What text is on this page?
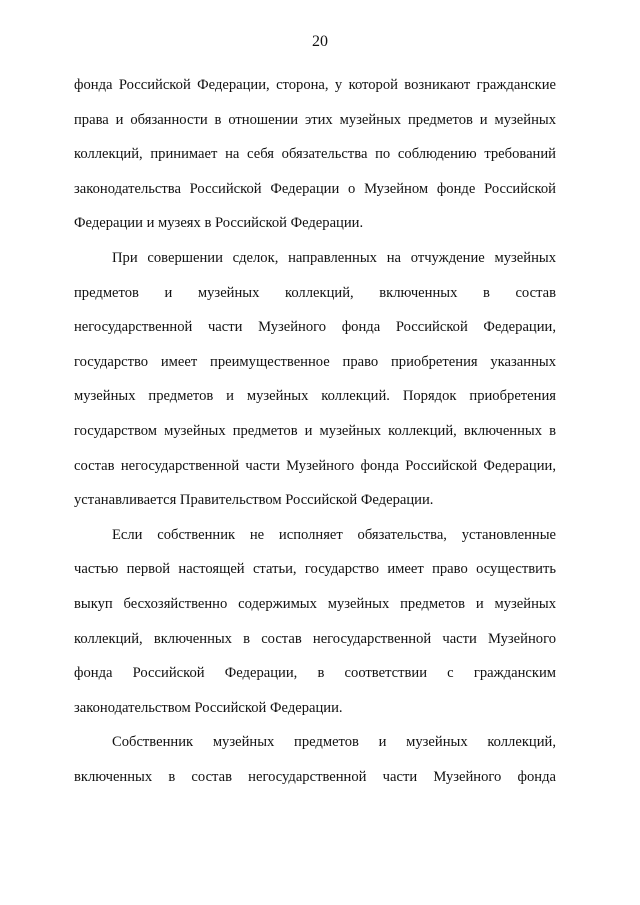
20
фонда Российской Федерации, сторона, у которой возникают гражданские
права и обязанности в отношении этих музейных предметов и музейных
коллекций, принимает на себя обязательства по соблюдению требований
законодательства Российской Федерации о Музейном фонде Российской
Федерации и музеях в Российской Федерации.
При совершении сделок, направленных на отчуждение музейных
предметов и музейных коллекций, включенных в состав
негосударственной части Музейного фонда Российской Федерации,
государство имеет преимущественное право приобретения указанных
музейных предметов и музейных коллекций. Порядок приобретения
государством музейных предметов и музейных коллекций, включенных в
состав негосударственной части Музейного фонда Российской Федерации,
устанавливается Правительством Российской Федерации.
Если собственник не исполняет обязательства, установленные
частью первой настоящей статьи, государство имеет право осуществить
выкуп бесхозяйственно содержимых музейных предметов и музейных
коллекций, включенных в состав негосударственной части Музейного
фонда Российской Федерации, в соответствии с гражданским
законодательством Российской Федерации.
Собственник музейных предметов и музейных коллекций,
включенных в состав негосударственной части Музейного фонда
